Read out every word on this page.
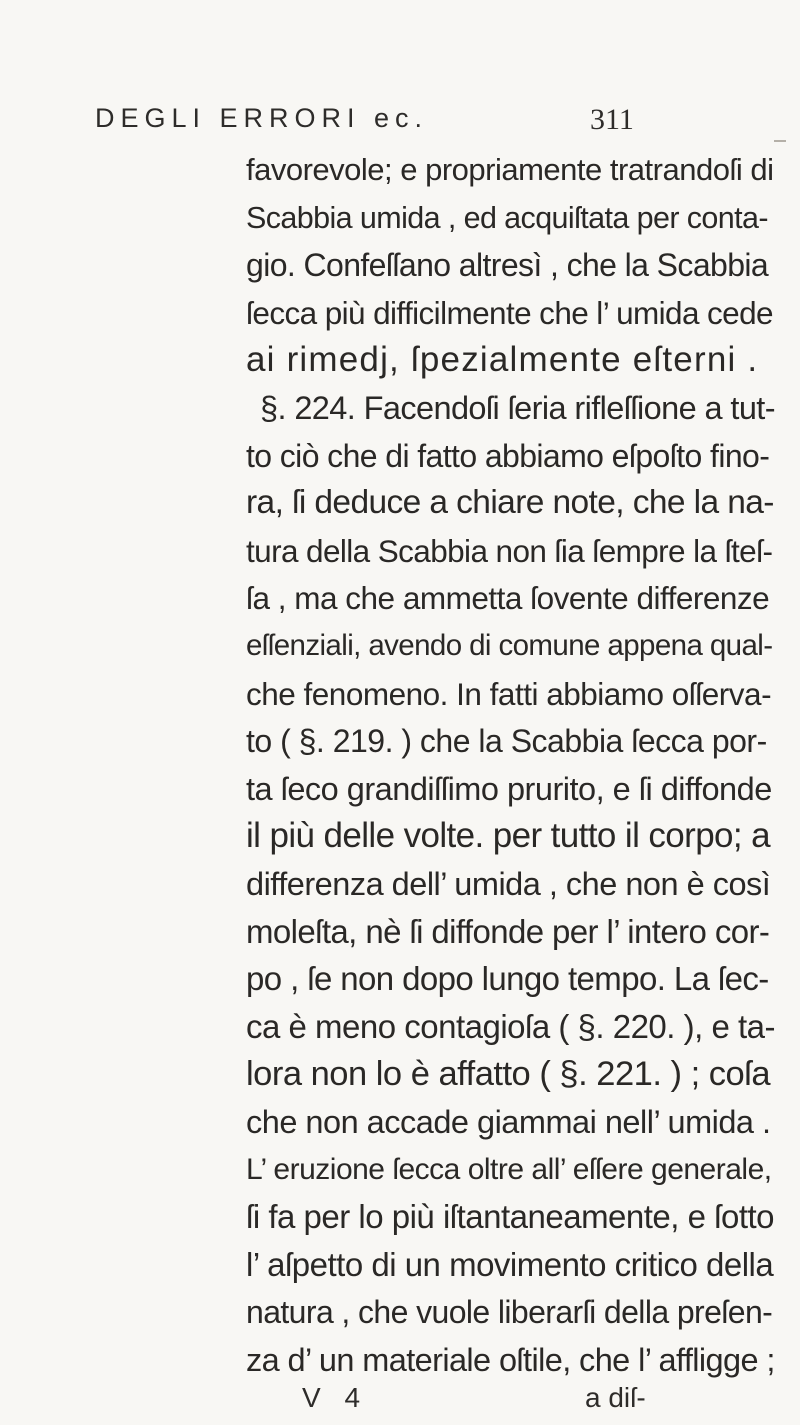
DEGLI ERRORI ec.	311
favorevole; e propriamente tratrandoſi di
Scabbia umida , ed acquiſtata per conta-
gio. Confeſſano altresì , che la Scabbia
ſecca più difficilmente che l’ umida cede
ai rimedj, ſpezialmente eſterni .
§. 224. Facendoſi ſeria rifleſſione a tut-
to ciò che di fatto abbiamo eſpoſto fino-
ra, ſi deduce a chiare note, che la na-
tura della Scabbia non ſia ſempre la ſteſ-
ſa , ma che ammetta ſovente differenze
eſſenziali, avendo di comune appena qual-
che fenomeno. In fatti abbiamo oſſerva-
to ( §. 219. ) che la Scabbia ſecca por-
ta ſeco grandiſſimo prurito, e ſi diffonde
il più delle volte. per tutto il corpo; a
differenza dell’ umida , che non è così
moleſta, nè ſi diffonde per l’ intero cor-
po , ſe non dopo lungo tempo. La ſec-
ca è meno contagioſa ( §. 220. ), e ta-
lora non lo è affatto ( §. 221. ) ; coſa
che non accade giammai nell’ umida .
L’ eruzione ſecca oltre all’ eſſere generale,
ſi fa per lo più iſtantaneamente, e ſotto
l’ aſpetto di un movimento critico della
natura , che vuole liberarſi della preſen-
za d’ un materiale oſtile, che l’ affligge ;
V 4	a diſ-
